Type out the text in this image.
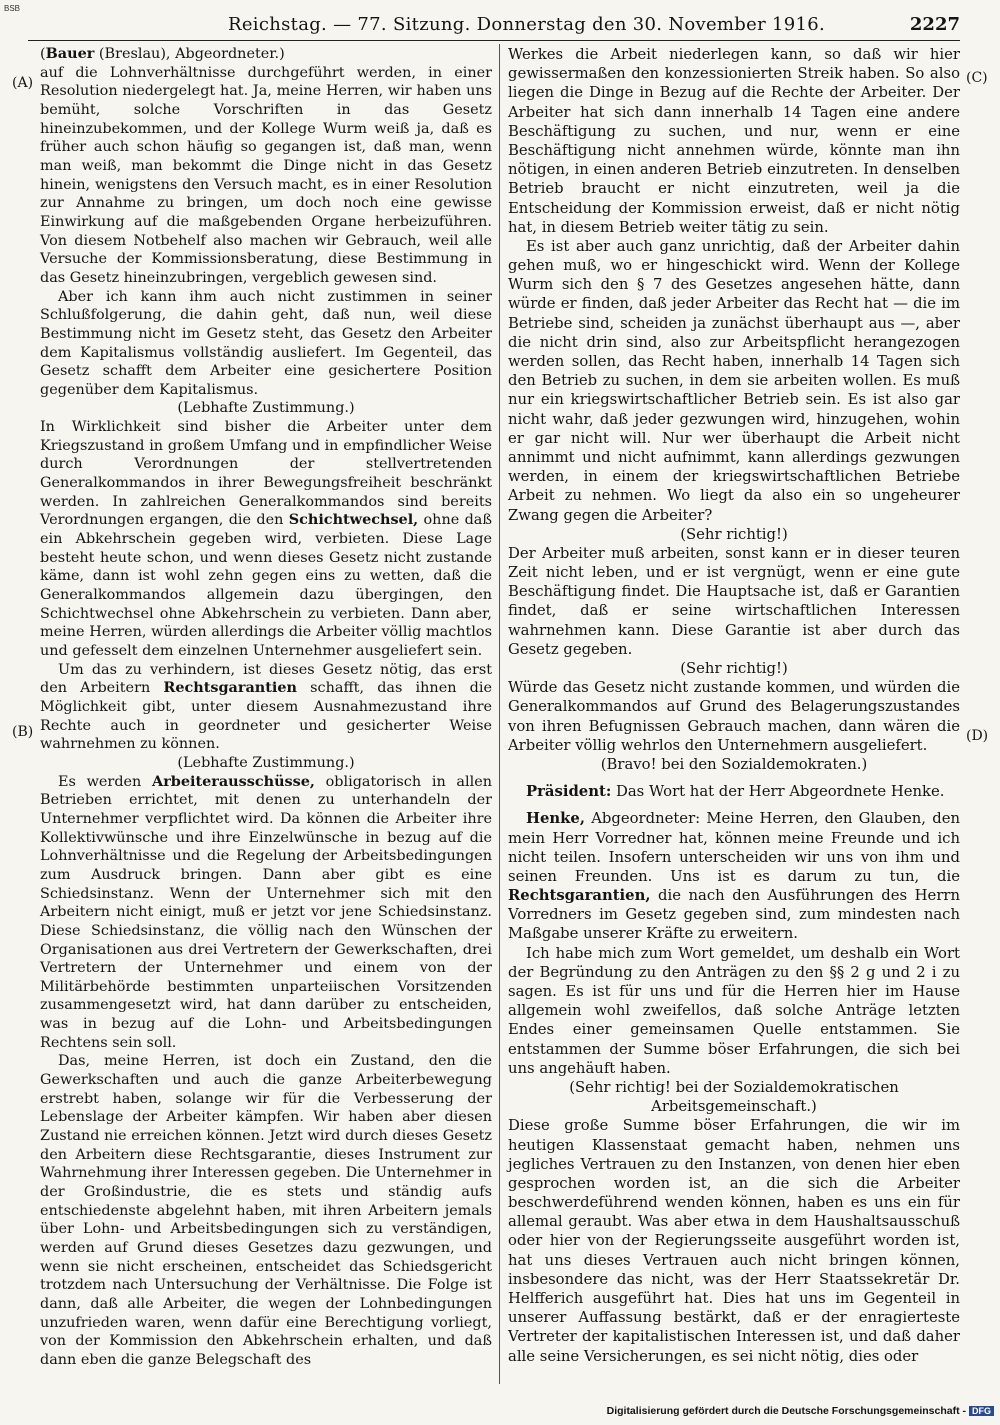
BSB
Reichstag. — 77. Sitzung. Donnerstag den 30. November 1916.	2227
(A)
(B)
(C)
(D)

(Bauer (Breslau), Abgeordneter.)

auf die Lohnverhältnisse durchgeführt werden, in einer Resolution niedergelegt hat. Ja, meine Herren, wir haben uns bemüht, solche Vorschriften in das Gesetz hineinzubekommen, und der Kollege Wurm weiß ja, daß es früher auch schon häufig so gegangen ist, daß man, wenn man weiß, man bekommt die Dinge nicht in das Gesetz hinein, wenigstens den Versuch macht, es in einer Resolution zur Annahme zu bringen, um doch noch eine gewisse Einwirkung auf die maßgebenden Organe herbeizuführen. Von diesem Notbehelf also machen wir Gebrauch, weil alle Versuche der Kommissionsberatung, diese Bestimmung in das Gesetz hineinzubringen, vergeblich gewesen sind.

Aber ich kann ihm auch nicht zustimmen in seiner Schlußfolgerung, die dahin geht, daß nun, weil diese Bestimmung nicht im Gesetz steht, das Gesetz den Arbeiter dem Kapitalismus vollständig ausliefert. Im Gegenteil, das Gesetz schafft dem Arbeiter eine gesichertere Position gegenüber dem Kapitalismus.

(Lebhafte Zustimmung.)

In Wirklichkeit sind bisher die Arbeiter unter dem Kriegszustand in großem Umfang und in empfindlicher Weise durch Verordnungen der stellvertretenden Generalkommandos in ihrer Bewegungsfreiheit beschränkt werden. In zahlreichen Generalkommandos sind bereits Verordnungen ergangen, die den Schichtwechsel, ohne daß ein Abkehrschein gegeben wird, verbieten. Diese Lage besteht heute schon, und wenn dieses Gesetz nicht zustande käme, dann ist wohl zehn gegen eins zu wetten, daß die Generalkommandos allgemein dazu übergingen, den Schichtwechsel ohne Abkehrschein zu verbieten. Dann aber, meine Herren, würden allerdings die Arbeiter völlig machtlos und gefesselt dem einzelnen Unternehmer ausgeliefert sein.

Um das zu verhindern, ist dieses Gesetz nötig, das erst den Arbeitern Rechtsgarantien schafft, das ihnen die Möglichkeit gibt, unter diesem Ausnahmezustand ihre Rechte auch in geordneter und gesicherter Weise wahrnehmen zu können.

(Lebhafte Zustimmung.)

Es werden Arbeiterausschüsse, obligatorisch in allen Betrieben errichtet, mit denen zu unterhandeln der Unternehmer verpflichtet wird. Da können die Arbeiter ihre Kollektivwünsche und ihre Einzelwünsche in bezug auf die Lohnverhältnisse und die Regelung der Arbeitsbedingungen zum Ausdruck bringen. Dann aber gibt es eine Schiedsinstanz. Wenn der Unternehmer sich mit den Arbeitern nicht einigt, muß er jetzt vor jene Schiedsinstanz. Diese Schiedsinstanz, die völlig nach den Wünschen der Organisationen aus drei Vertretern der Gewerkschaften, drei Vertretern der Unternehmer und einem von der Militärbehörde bestimmten unparteiischen Vorsitzenden zusammengesetzt wird, hat dann darüber zu entscheiden, was in bezug auf die Lohn- und Arbeitsbedingungen Rechtens sein soll.

Das, meine Herren, ist doch ein Zustand, den die Gewerkschaften und auch die ganze Arbeiterbewegung erstrebt haben, solange wir für die Verbesserung der Lebenslage der Arbeiter kämpfen. Wir haben aber diesen Zustand nie erreichen können. Jetzt wird durch dieses Gesetz den Arbeitern diese Rechtsgarantie, dieses Instrument zur Wahrnehmung ihrer Interessen gegeben. Die Unternehmer in der Großindustrie, die es stets und ständig aufs entschiedenste abgelehnt haben, mit ihren Arbeitern jemals über Lohn- und Arbeitsbedingungen sich zu verständigen, werden auf Grund dieses Gesetzes dazu gezwungen, und wenn sie nicht erscheinen, entscheidet das Schiedsgericht trotzdem nach Untersuchung der Verhältnisse. Die Folge ist dann, daß alle Arbeiter, die wegen der Lohnbedingungen unzufrieden waren, wenn dafür eine Berechtigung vorliegt, von der Kommission den Abkehrschein erhalten, und daß dann eben die ganze Belegschaft des

Werkes die Arbeit niederlegen kann, so daß wir hier gewissermaßen den konzessionierten Streik haben. So also liegen die Dinge in Bezug auf die Rechte der Arbeiter. Der Arbeiter hat sich dann innerhalb 14 Tagen eine andere Beschäftigung zu suchen, und nur, wenn er eine Beschäftigung nicht annehmen würde, könnte man ihn nötigen, in einen anderen Betrieb einzutreten. In denselben Betrieb braucht er nicht einzutreten, weil ja die Entscheidung der Kommission erweist, daß er nicht nötig hat, in diesem Betrieb weiter tätig zu sein.

Es ist aber auch ganz unrichtig, daß der Arbeiter dahin gehen muß, wo er hingeschickt wird. Wenn der Kollege Wurm sich den § 7 des Gesetzes angesehen hätte, dann würde er finden, daß jeder Arbeiter das Recht hat — die im Betriebe sind, scheiden ja zunächst überhaupt aus —, aber die nicht drin sind, also zur Arbeitspflicht herangezogen werden sollen, das Recht haben, innerhalb 14 Tagen sich den Betrieb zu suchen, in dem sie arbeiten wollen. Es muß nur ein kriegswirtschaftlicher Betrieb sein. Es ist also gar nicht wahr, daß jeder gezwungen wird, hinzugehen, wohin er gar nicht will. Nur wer überhaupt die Arbeit nicht annimmt und nicht aufnimmt, kann allerdings gezwungen werden, in einem der kriegswirtschaftlichen Betriebe Arbeit zu nehmen. Wo liegt da also ein so ungeheurer Zwang gegen die Arbeiter?

(Sehr richtig!)

Der Arbeiter muß arbeiten, sonst kann er in dieser teuren Zeit nicht leben, und er ist vergnügt, wenn er eine gute Beschäftigung findet. Die Hauptsache ist, daß er Garantien findet, daß er seine wirtschaftlichen Interessen wahrnehmen kann. Diese Garantie ist aber durch das Gesetz gegeben.

(Sehr richtig!)

Würde das Gesetz nicht zustande kommen, und würden die Generalkommandos auf Grund des Belagerungszustandes von ihren Befugnissen Gebrauch machen, dann wären die Arbeiter völlig wehrlos den Unternehmern ausgeliefert.

(Bravo! bei den Sozialdemokraten.)

Präsident: Das Wort hat der Herr Abgeordnete Henke.

Henke, Abgeordneter: Meine Herren, den Glauben, den mein Herr Vorredner hat, können meine Freunde und ich nicht teilen. Insofern unterscheiden wir uns von ihm und seinen Freunden. Uns ist es darum zu tun, die Rechtsgarantien, die nach den Ausführungen des Herrn Vorredners im Gesetz gegeben sind, zum mindesten nach Maßgabe unserer Kräfte zu erweitern.

Ich habe mich zum Wort gemeldet, um deshalb ein Wort der Begründung zu den Anträgen zu den §§ 2 g und 2 i zu sagen. Es ist für uns und für die Herren hier im Hause allgemein wohl zweifellos, daß solche Anträge letzten Endes einer gemeinsamen Quelle entstammen. Sie entstammen der Summe böser Erfahrungen, die sich bei uns angehäuft haben.

(Sehr richtig! bei der Sozialdemokratischen Arbeitsgemeinschaft.)

Diese große Summe böser Erfahrungen, die wir im heutigen Klassenstaat gemacht haben, nehmen uns jegliches Vertrauen zu den Instanzen, von denen hier eben gesprochen worden ist, an die sich die Arbeiter beschwerdeführend wenden können, haben es uns ein für allemal geraubt. Was aber etwa in dem Haushaltsausschuß oder hier von der Regierungsseite ausgeführt worden ist, hat uns dieses Vertrauen auch nicht bringen können, insbesondere das nicht, was der Herr Staatssekretär Dr. Helfferich ausgeführt hat. Dies hat uns im Gegenteil in unserer Auffassung bestärkt, daß er der enragierteste Vertreter der kapitalistischen Interessen ist, und daß daher alle seine Versicherungen, es sei nicht nötig, dies oder

Digitalisierung gefördert durch die Deutsche Forschungsgemeinschaft - DFG
